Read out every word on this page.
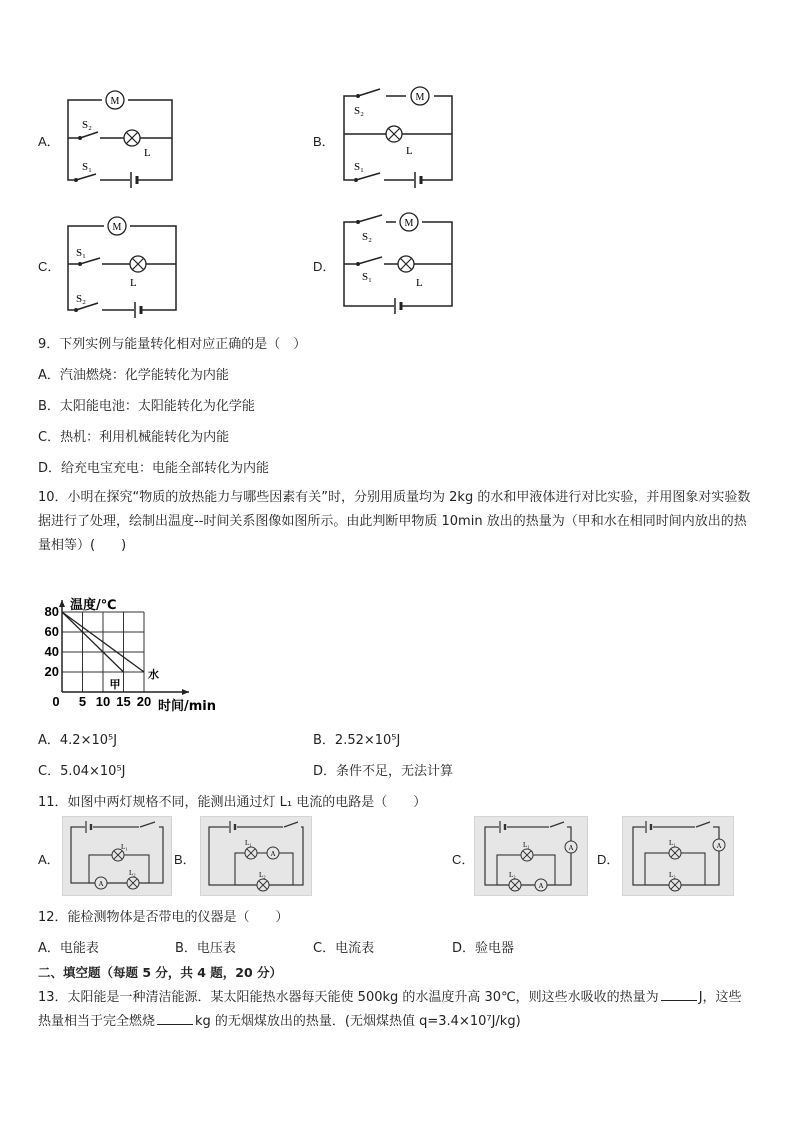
A．
M
S₂
L
S₁
B．
S₂
M
L
S₁
C．
M
S₁
L
S₂
D．
S₂
M
S₁	L
9．下列实例与能量转化相对应正确的是（　）
A．汽油燃烧：化学能转化为内能
B．太阳能电池：太阳能转化为化学能
C．热机：利用机械能转化为内能
D．给充电宝充电：电能全部转化为内能
10．小明在探究“物质的放热能力与哪些因素有关”时，分别用质量均为 2kg 的水和甲液体进行对比实验，并用图象对实验数据进行了处理，绘制出温度--时间关系图像如图所示。由此判断甲物质 10min 放出的热量为（甲和水在相同时间内放出的热量相等）(　　)
80
60
40
20
0 5 10 15 20
温度/℃
时间/min
甲
水
A．4.2×10⁵J	B．2.52×10⁵J
C．5.04×10⁵J	D．条件不足，无法计算
11．如图中两灯规格不同，能测出通过灯 L₁ 电流的电路是（　　）
A．
L₁
A
L₂
B．
L₁
A
L₂
C．
A
L₁
L₂
A
D．
A
L₁
L₂
12．能检测物体是否带电的仪器是（　　）
A．电能表	B．电压表	C．电流表	D．验电器
二、填空题（每题 5 分，共 4 题，20 分）
13．太阳能是一种清洁能源．某太阳能热水器每天能使 500kg 的水温度升高 30℃，则这些水吸收的热量为	J，这些
热量相当于完全燃烧	kg 的无烟煤放出的热量．(无烟煤热值 q=3.4×10⁷J/kg)
